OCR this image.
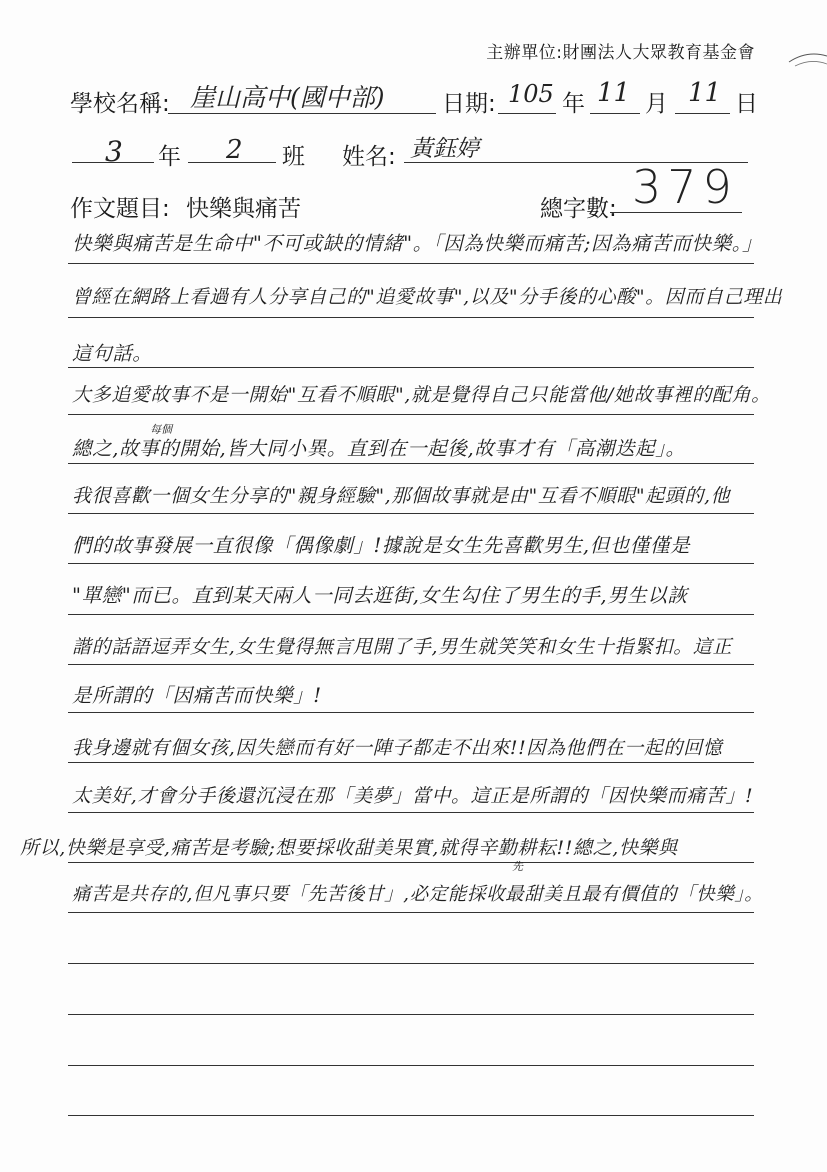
主辦單位:財團法人大眾教育基金會
學校名稱: 崖山高中(國中部) 日期: 105 年 11 月 11 日
3 年 2 班 姓名: 黃鈺婷
作文題目: 快樂與痛苦	總字數: 379
快樂與痛苦是生命中"不可或缺的情緒"。「因為快樂而痛苦;因為痛苦而快樂。」
曾經在網路上看過有人分享自己的"追愛故事",以及"分手後的心酸"。因而自己理出
這句話。
大多追愛故事不是一開始"互看不順眼",就是覺得自己只能當他/她故事裡的配角。
總之,故事的開始,皆大同小異。直到在一起後,故事才有「高潮迭起」。
我很喜歡一個女生分享的"親身經驗",那個故事就是由"互看不順眼"起頭的,他
們的故事發展一直很像「偶像劇」!據說是女生先喜歡男生,但也僅僅是
"單戀"而已。直到某天兩人一同去逛街,女生勾住了男生的手,男生以詼
諧的話語逗弄女生,女生覺得無言甩開了手,男生就笑笑和女生十指緊扣。這正
是所謂的「因痛苦而快樂」!
我身邊就有個女孩,因失戀而有好一陣子都走不出來!!因為他們在一起的回憶
太美好,才會分手後還沉浸在那「美夢」當中。這正是所謂的「因快樂而痛苦」!
所以,快樂是享受,痛苦是考驗;想要採收甜美果實,就得辛勤耕耘!!總之,快樂與
痛苦是共存的,但凡事只要「先苦後甘」,必定能採收最甜美且最有價值的「快樂」。
每個
先
